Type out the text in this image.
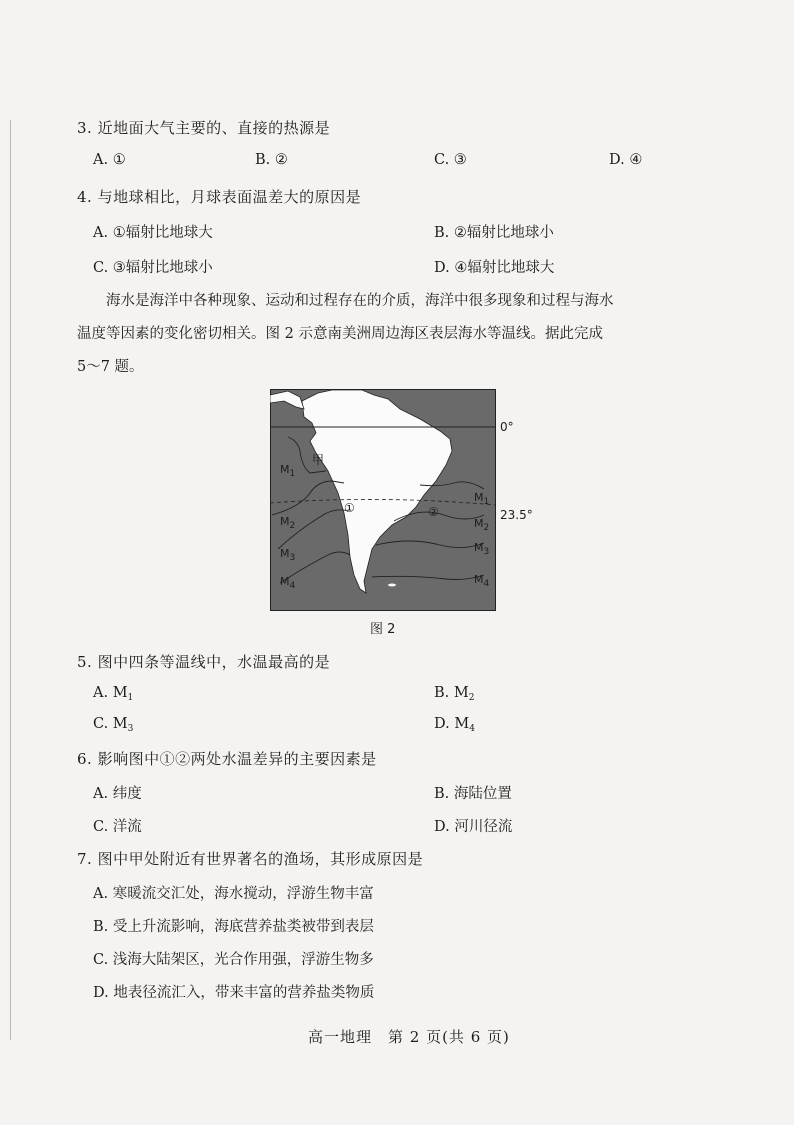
3. 近地面大气主要的、直接的热源是
A. ①	B. ②	C. ③	D. ④
4. 与地球相比，月球表面温差大的原因是
A. ①辐射比地球大	B. ②辐射比地球小
C. ③辐射比地球小	D. ④辐射比地球大
海水是海洋中各种现象、运动和过程存在的介质，海洋中很多现象和过程与海水
温度等因素的变化密切相关。图 2 示意南美洲周边海区表层海水等温线。据此完成
5～7 题。
甲
①	②
$M_1$
$M_2$
$M_3$
$M_4$
$M_1$
$M_2$
$M_3$
$M_4$
0°
23.5°
图 2
5. 图中四条等温线中，水温最高的是
A. $M_1$	B. $M_2$
C. $M_3$	D. $M_4$
6. 影响图中①②两处水温差异的主要因素是
A. 纬度	B. 海陆位置
C. 洋流	D. 河川径流
7. 图中甲处附近有世界著名的渔场，其形成原因是
A. 寒暖流交汇处，海水搅动，浮游生物丰富
B. 受上升流影响，海底营养盐类被带到表层
C. 浅海大陆架区，光合作用强，浮游生物多
D. 地表径流汇入，带来丰富的营养盐类物质
高一地理　第 2 页(共 6 页)
